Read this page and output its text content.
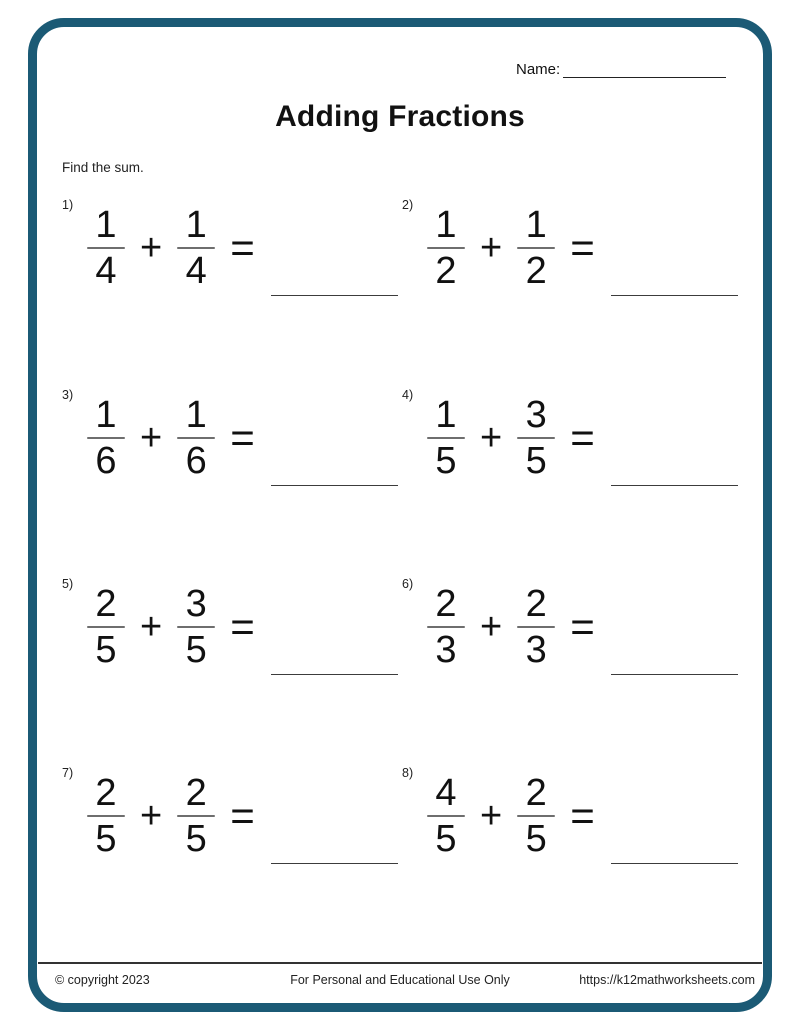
Name:
Adding Fractions
Find the sum.
1)
$\frac{1}{4} + \frac{1}{4}$ =
2)
$\frac{1}{2} + \frac{1}{2}$ =
3)
$\frac{1}{6} + \frac{1}{6}$ =
4)
$\frac{1}{5} + \frac{3}{5}$ =
5)
$\frac{2}{5} + \frac{3}{5}$ =
6)
$\frac{2}{3} + \frac{2}{3}$ =
7)
$\frac{2}{5} + \frac{2}{5}$ =
8)
$\frac{4}{5} + \frac{2}{5}$ =
© copyright 2023	For Personal and Educational Use Only	https://k12mathworksheets.com
